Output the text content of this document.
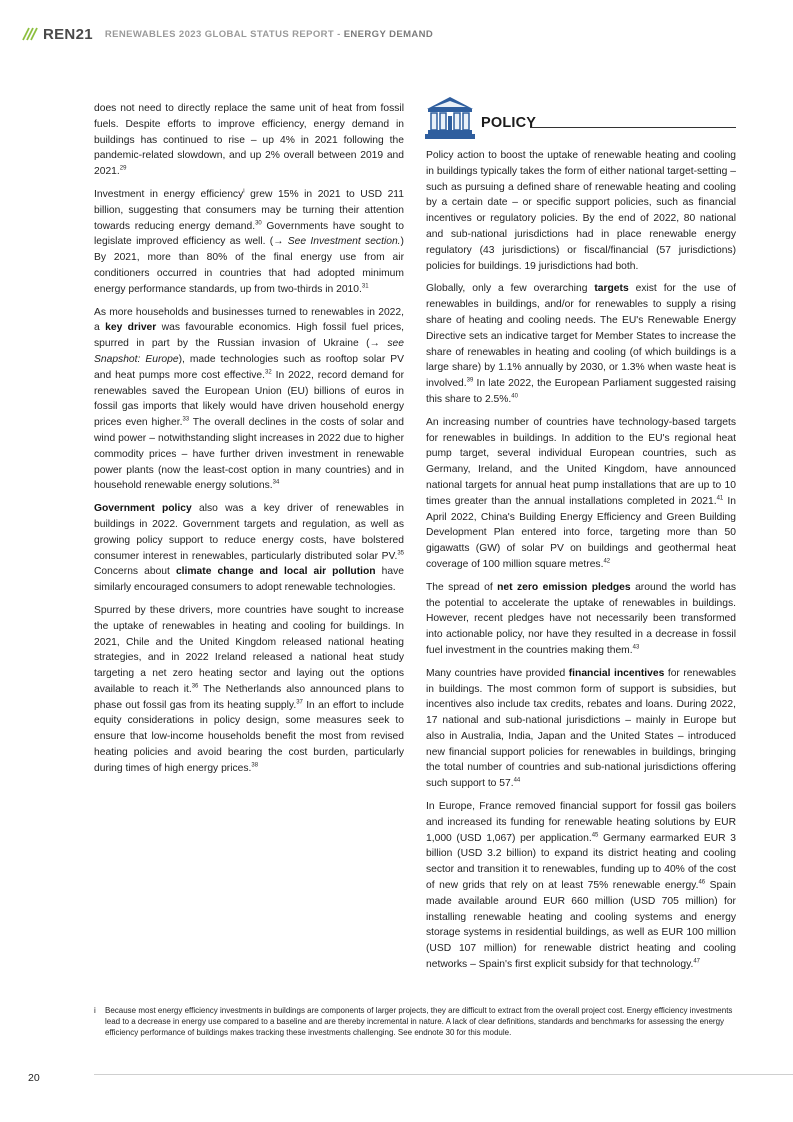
REN21 RENEWABLES 2023 GLOBAL STATUS REPORT - ENERGY DEMAND

does not need to directly replace the same unit of heat from fossil fuels. Despite efforts to improve efficiency, energy demand in buildings has continued to rise – up 4% in 2021 following the pandemic-related slowdown, and up 2% overall between 2019 and 2021.29

Investment in energy efficiency$^i$ grew 15% in 2021 to USD 211 billion, suggesting that consumers may be turning their attention towards reducing energy demand.$^{30}$ Governments have sought to legislate improved efficiency as well. (→ See Investment section.) By 2021, more than 80% of the final energy use from air conditioners occurred in countries that had adopted minimum energy performance standards, up from two-thirds in 2010.31

As more households and businesses turned to renewables in 2022, a key driver was favourable economics. High fossil fuel prices, spurred in part by the Russian invasion of Ukraine (→ see Snapshot: Europe), made technologies such as rooftop solar PV and heat pumps more cost effective.$^{32}$ In 2022, record demand for renewables saved the European Union (EU) billions of euros in fossil gas imports that likely would have driven household energy prices even higher.$^{33}$ The overall declines in the costs of solar and wind power – notwithstanding slight increases in 2022 due to higher commodity prices – have further driven investment in renewable power plants (now the least-cost option in many countries) and in household renewable energy solutions.$^{34}$

Government policy also was a key driver of renewables in buildings in 2022. Government targets and regulation, as well as growing policy support to reduce energy costs, have bolstered consumer interest in renewables, particularly distributed solar PV.$^{35}$ Concerns about climate change and local air pollution have similarly encouraged consumers to adopt renewable technologies.

Spurred by these drivers, more countries have sought to increase the uptake of renewables in heating and cooling for buildings. In 2021, Chile and the United Kingdom released national heating strategies, and in 2022 Ireland released a national heat study targeting a net zero heating sector and laying out the options available to reach it.$^{36}$ The Netherlands also announced plans to phase out fossil gas from its heating supply.$^{37}$ In an effort to include equity considerations in policy design, some measures seek to ensure that low-income households benefit the most from revised heating policies and avoid bearing the cost burden, particularly during times of high energy prices.$^{38}$

POLICY

Policy action to boost the uptake of renewable heating and cooling in buildings typically takes the form of either national target-setting – such as pursuing a defined share of renewable heating and cooling by a certain date – or specific support policies, such as financial incentives or regulatory policies. By the end of 2022, 80 national and sub-national jurisdictions had in place renewable energy regulatory (43 jurisdictions) or fiscal/financial (57 jurisdictions) policies for buildings. 19 jurisdictions had both.

Globally, only a few overarching targets exist for the use of renewables in buildings, and/or for renewables to supply a rising share of heating and cooling needs. The EU's Renewable Energy Directive sets an indicative target for Member States to increase the share of renewables in heating and cooling (of which buildings is a large share) by 1.1% annually by 2030, or 1.3% when waste heat is involved.$^{39}$ In late 2022, the European Parliament suggested raising this share to 2.5%.$^{40}$

An increasing number of countries have technology-based targets for renewables in buildings. In addition to the EU's regional heat pump target, several individual European countries, such as Germany, Ireland, and the United Kingdom, have announced national targets for annual heat pump installations that are up to 10 times greater than the annual installations completed in 2021.41 In April 2022, China's Building Energy Efficiency and Green Building Development Plan entered into force, targeting more than 50 gigawatts (GW) of solar PV on buildings and geothermal heat coverage of 100 million square metres.$^{42}$

The spread of net zero emission pledges around the world has the potential to accelerate the uptake of renewables in buildings. However, recent pledges have not necessarily been transformed into actionable policy, nor have they resulted in a decrease in fossil fuel investment in the countries making them.$^{43}$

Many countries have provided financial incentives for renewables in buildings. The most common form of support is subsidies, but incentives also include tax credits, rebates and loans. During 2022, 17 national and sub-national jurisdictions – mainly in Europe but also in Australia, India, Japan and the United States – introduced new financial support policies for renewables in buildings, bringing the total number of countries and sub-national jurisdictions offering such support to 57.44

In Europe, France removed financial support for fossil gas boilers and increased its funding for renewable heating solutions by EUR 1,000 (USD 1,067) per application.$^{45}$ Germany earmarked EUR 3 billion (USD 3.2 billion) to expand its district heating and cooling sector and transition it to renewables, funding up to 40% of the cost of new grids that rely on at least 75% renewable energy.$^{46}$ Spain made available around EUR 660 million (USD 705 million) for installing renewable heating and cooling systems and energy storage systems in residential buildings, as well as EUR 100 million (USD 107 million) for renewable district heating and cooling networks – Spain's first explicit subsidy for that technology.$^{47}$

i	Because most energy efficiency investments in buildings are components of larger projects, they are difficult to extract from the overall project cost. Energy efficiency investments lead to a decrease in energy use compared to a baseline and are thereby incremental in nature. A lack of clear definitions, standards and benchmarks for assessing the energy efficiency performance of buildings makes tracking these investments challenging. See endnote 30 for this module.
20
